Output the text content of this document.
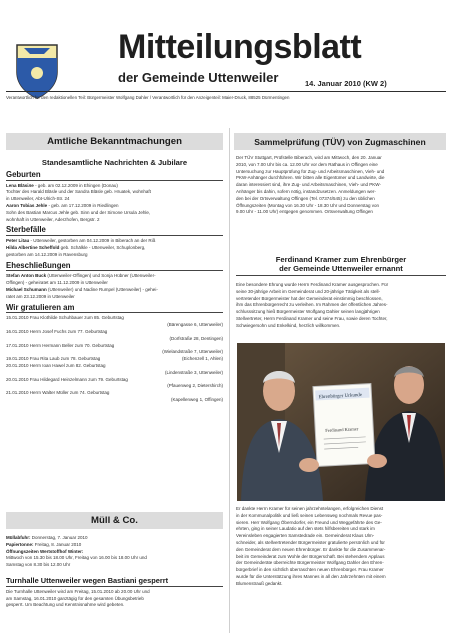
Mitteilungsblatt
der Gemeinde Uttenweiler	14. Januar 2010 (KW 2)
Verantwortlich für den redaktionellen Teil: Bürgermeister Wolfgang Dahler / Verantwortlich für den Anzeigenteil: Maier-Druck, 88525 Dürmentingen
Amtliche Bekanntmachungen
Standesamtliche Nachrichten & Jubilare
Geburten

Lena Bläsiле - geb. am 02.12.2009 in Ehingen (Donau)

Tochter des Harald Bläsle und der Sandra Bläsle geb. Hruatek, wohnhaft

in Uttenweiler, Abt-Ulrich-Str. 24

Aaron Tobias Jehle - geb. am 17.12.2009 in Riedlingen

Sohn des Bastian Marcus Jehle geb. Sinn und der Simone Ursula Jehle,

wohnhaft in Uttenweiler, Aderzhofen, Bergstr. 2

Sterbefälle

Peter Litau - Uttenweiler, gestorben am 04.12.2009 in Biberach an der Riß

Hilda Albertine Scheffold geb. Schälkle - Uttenweiler, Schuplonberg,

gestorben am 14.12.2009 in Ravensburg

Eheschließungen

Stefan Anton Buck (Uttenweiler-Offingen) und Sonja Hübner (Uttenweiler-

Offingen) - geheiratet am 11.12.2009 in Uttenweiler

Michael Schumann (Uttenweiler) und Nadine Rumpel (Uttenweiler) - gehei-

ratet am 23.12.2009 in Uttenweiler

Wir gratulieren am

15.01.2010 Frau Klothilde Schuhbauer zum 85. Geburtstag

(Bärengasse 6, Uttenweiler)

16.01.2010 Herrn Josef Fuchs zum 77. Geburtstag

(Dorfstraße 28, Dentingen)

17.01.2010 Herrn Hermann Beller zum 70. Geburtstag

(Wielandstraße 7, Uttenweiler)

19.01.2010 Frau Rita Laub zum 78. Geburtstag	(Eichenzell 1, Ahlen)

20.01.2010 Herrn Ioan Hawel zum 82. Geburtstag

(Lindenstraße 3, Uttenweiler)

20.01.2010 Frau Hildegard Heinzelmann zum 79. Geburtstag

(Pfauenweg 2, Dietershirch)

21.01.2010 Herrn Walter Müller zum 74. Geburtstag

(Kapellenweg 1, Offingen)

Müll & Co.

Müllabfuhr: Donnerstag, 7. Januar 2010

Papiertonne: Freitag, 8. Januar 2010

Öffnungszeiten Wertstoffhof Winter:

Mittwoch von 15.30 bis 18.00 Uhr, Freitag von 16.00 bis 18.00 Uhr und

Samstag von 8.30 bis 12.00 Uhr

Turnhalle Uttenweiler wegen Bastiani gesperrt

Die Turnhalle Uttenweiler wird am Freitag, 15.01.2010 ab 20.00 Uhr und

am Samstag, 16.01.2010 ganztägig für den gesamten Übungsbetrieb

gesperrt. Um Beachtung und Kenntnisnahme wird gebeten.

Sammelprüfung (TÜV) von Zugmaschinen

Der TÜV Stuttgart, Prüfstelle Biberach, wird am Mittwoch, den 20. Januar

2010, von 7.00 Uhr bis ca. 12.00 Uhr vor dem Rathaus in Offingen eine

Untersuchung zur Hauptprüfung für Zug- und Arbeitsmaschinen, Vieh- und

PKW-Anhänger durchführen. Wir bitten alle Eigentümer und Landwirte, die

daran interessiert sind, ihre Zug- und Arbeitsmaschinen, Vieh- und PKW-

Anhänger bis dahin, sofern nötig, instandzusetzen. Anmeldungen wer-

den bei der Ortsverwaltung Offingen (Tel. 07374/545) zu den üblichen

Öffnungszeiten (Montag von 16.30 Uhr - 18.30 Uhr und Donnerstag von

9.00 Uhr - 11.00 Uhr) entgegen genommen. Ortsverwaltung Offingen

Ferdinand Kramer zum Ehrenbürger
der Gemeinde Uttenweiler ernannt

Eine besondere Ehrung wurde Herrn Ferdinand Kramer ausgesprochen. Für

seine 30-jährige Arbeit im Gemeinderat und 20-jährige Tätigkeit als stell-

vertretender Bürgermeister hat der Gemeinderat einstimmig beschlossen,

ihm das Ehrenbürgerrecht zu verleihen. Im Rahmen der öffentlichen Jahres-

schlusssitzung hieß Bürgermeister Wolfgang Dahler seinen langjährigen

Stellvertreter, Herrn Ferdinand Kramer und seine Frau, sowie deren Tochter,

Schwiegersohn und Enkelkind, herzlich willkommen.

Ehrenbürger Urkunde
Ferdinand Kramer

Er dankte Herrn Kramer für seinen jahrzehntelangen, erfolgreichen Dienst

in der Kommunalpolitik und ließ seinen Lebensweg nochmals Revue pas-

sieren. Herr Wolfgang Öberndorfer, ein Freund und Weggefährte des Ge-

ehrten, ging in seiner Laudatio auf den stets hilfsbereiten und stark im

Vereinsleben engagierten Samstedrade ein. Gemeinderat Klaus Ulm-

schneider, als stellvertretender Bürgermeister gratulierte persönlich und für

den Gemeinderat dem neuen Ehrenbürger. Er dankte für die Zusammenar-

beit im Gemeinderat zum Wohle der Bürgerschaft. Bei stehendem Applaus

der Gemeinderäte überreichte Bürgermeister Wolfgang Dahler den Ehren-

bürgerbrief in den sichtlich überraschten neuen Ehrenbürger. Frau Kramer

wurde für die Unterstützung ihres Mannes in all den Jahrzehnten mit einem

Blumenstrauß gedankt.
